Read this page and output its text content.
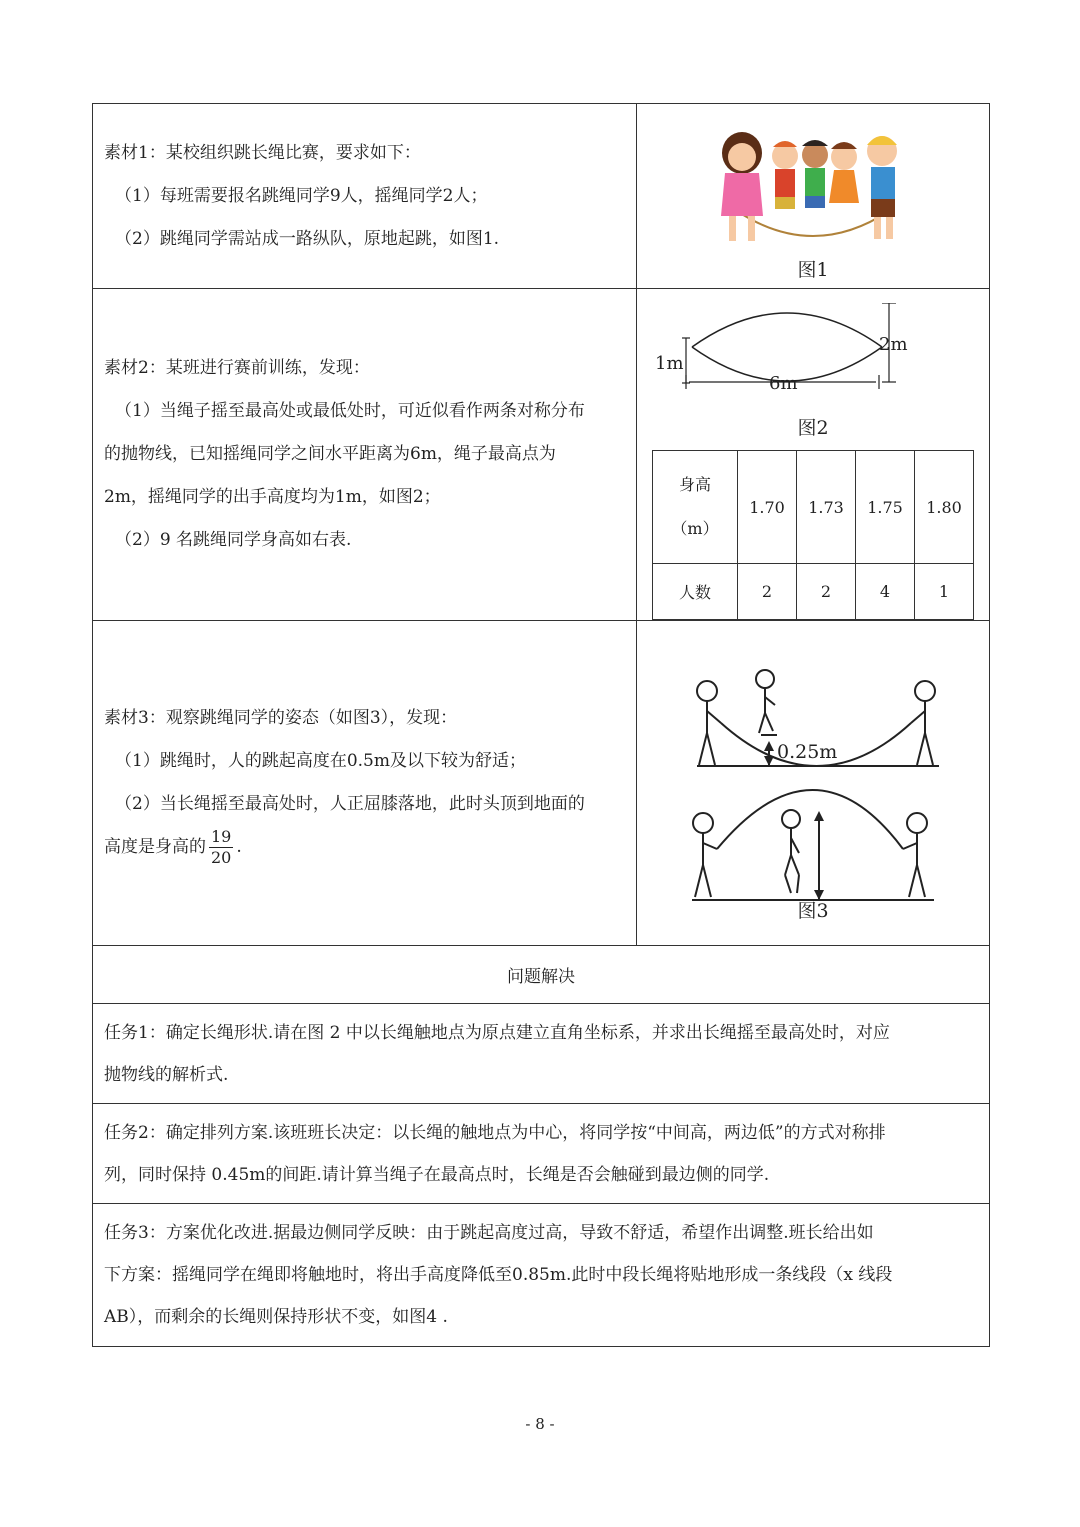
素材1：某校组织跳长绳比赛，要求如下：

（1）每班需要报名跳绳同学9人，摇绳同学2人；

（2）跳绳同学需站成一路纵队，原地起跳，如图1.

图1

素材2：某班进行赛前训练，发现：

（1）当绳子摇至最高处或最低处时，可近似看作两条对称分布

的抛物线，已知摇绳同学之间水平距离为6m，绳子最高点为

2m，摇绳同学的出手高度均为1m，如图2；

（2）9 名跳绳同学身高如右表.

1m
2m
6m
图2
身高
（m）
	1.70	1.73	1.75	1.80
人数	2	2	4	1

素材3：观察跳绳同学的姿态（如图3），发现：

（1）跳绳时，人的跳起高度在0.5m及以下较为舒适；

（2）当长绳摇至最高处时，人正屈膝落地，此时头顶到地面的

高度是身高的 $\frac{19}{20}$ .

0.25m
图3

问题解决

任务1：确定长绳形状.请在图 2 中以长绳触地点为原点建立直角坐标系，并求出长绳摇至最高处时，对应
抛物线的解析式.

任务2：确定排列方案.该班班长决定：以长绳的触地点为中心，将同学按“中间高，两边低”的方式对称排
列，同时保持 0.45m的间距.请计算当绳子在最高点时，长绳是否会触碰到最边侧的同学.

任务3：方案优化改进.据最边侧同学反映：由于跳起高度过高，导致不舒适，希望作出调整.班长给出如
下方案：摇绳同学在绳即将触地时，将出手高度降低至0.85m.此时中段长绳将贴地形成一条线段（x 线段
AB），而剩余的长绳则保持形状不变，如图4 .
- 8 -
